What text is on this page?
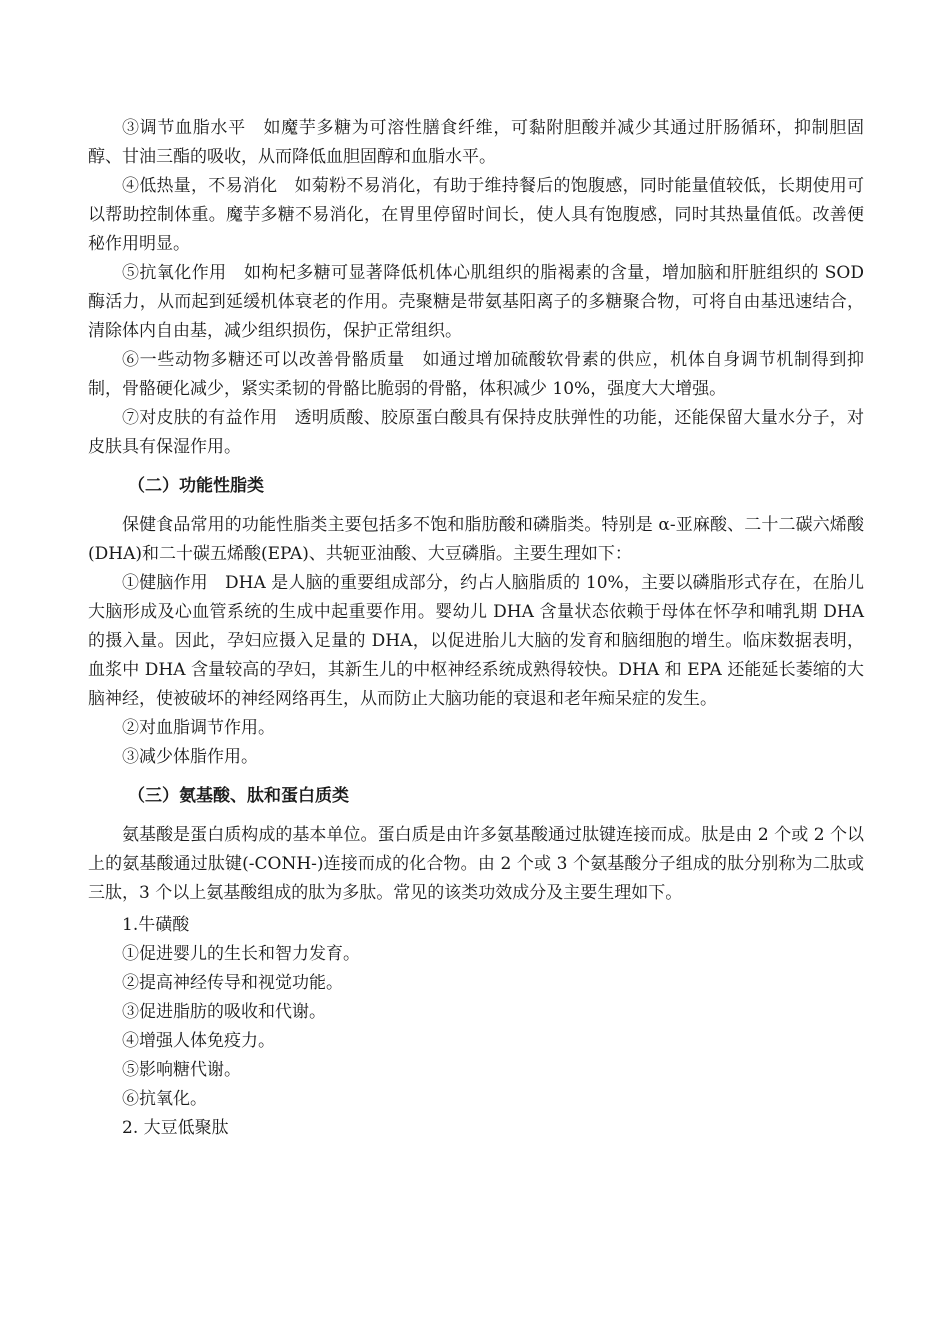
③调节血脂水平　如魔芋多糖为可溶性膳食纤维，可黏附胆酸并减少其通过肝肠循环，抑制胆固醇、甘油三酯的吸收，从而降低血胆固醇和血脂水平。

④低热量，不易消化　如菊粉不易消化，有助于维持餐后的饱腹感，同时能量值较低，长期使用可以帮助控制体重。魔芋多糖不易消化，在胃里停留时间长，使人具有饱腹感，同时其热量值低。改善便秘作用明显。

⑤抗氧化作用　如枸杞多糖可显著降低机体心肌组织的脂褐素的含量，增加脑和肝脏组织的 SOD 酶活力，从而起到延缓机体衰老的作用。壳聚糖是带氨基阳离子的多糖聚合物，可将自由基迅速结合，清除体内自由基，减少组织损伤，保护正常组织。

⑥一些动物多糖还可以改善骨骼质量　如通过增加硫酸软骨素的供应，机体自身调节机制得到抑制，骨骼硬化减少，紧实柔韧的骨骼比脆弱的骨骼，体积减少 10%，强度大大增强。

⑦对皮肤的有益作用　透明质酸、胶原蛋白酸具有保持皮肤弹性的功能，还能保留大量水分子，对皮肤具有保湿作用。

（二）功能性脂类

保健食品常用的功能性脂类主要包括多不饱和脂肪酸和磷脂类。特别是 α-亚麻酸、二十二碳六烯酸(DHA)和二十碳五烯酸(EPA)、共轭亚油酸、大豆磷脂。主要生理如下：

①健脑作用　DHA 是人脑的重要组成部分，约占人脑脂质的 10%，主要以磷脂形式存在，在胎儿大脑形成及心血管系统的生成中起重要作用。婴幼儿 DHA 含量状态依赖于母体在怀孕和哺乳期 DHA 的摄入量。因此，孕妇应摄入足量的 DHA，以促进胎儿大脑的发育和脑细胞的增生。临床数据表明，血浆中 DHA 含量较高的孕妇，其新生儿的中枢神经系统成熟得较快。DHA 和 EPA 还能延长萎缩的大脑神经，使被破坏的神经网络再生，从而防止大脑功能的衰退和老年痴呆症的发生。

②对血脂调节作用。

③减少体脂作用。

（三）氨基酸、肽和蛋白质类

氨基酸是蛋白质构成的基本单位。蛋白质是由许多氨基酸通过肽键连接而成。肽是由 2 个或 2 个以上的氨基酸通过肽键(-CONH-)连接而成的化合物。由 2 个或 3 个氨基酸分子组成的肽分别称为二肽或三肽，3 个以上氨基酸组成的肽为多肽。常见的该类功效成分及主要生理如下。

1.牛磺酸

①促进婴儿的生长和智力发育。

②提高神经传导和视觉功能。

③促进脂肪的吸收和代谢。

④增强人体免疫力。

⑤影响糖代谢。

⑥抗氧化。

2. 大豆低聚肽
